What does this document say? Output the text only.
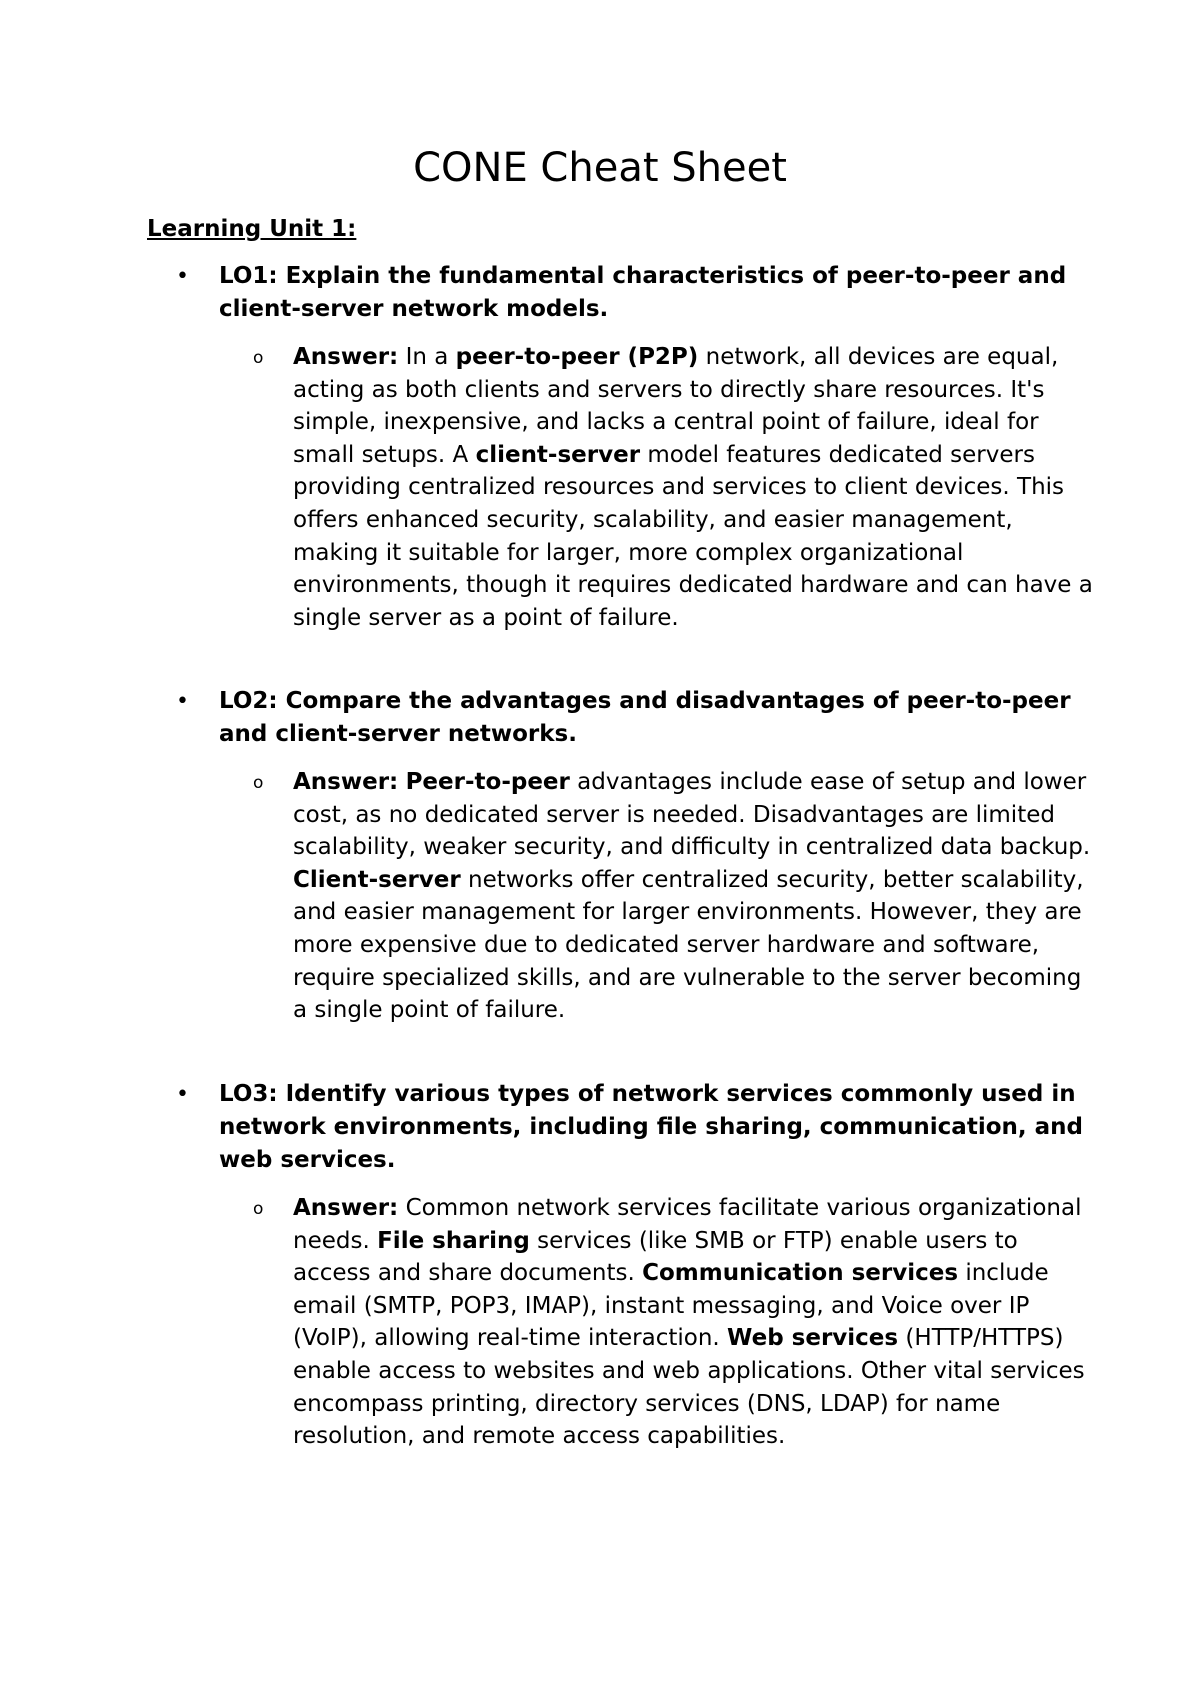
CONE Cheat Sheet
Learning Unit 1:
• LO1: Explain the fundamental characteristics of peer-to-peer and client-server network models.

o Answer: In a peer-to-peer (P2P) network, all devices are equal, acting as both clients and servers to directly share resources. It's simple, inexpensive, and lacks a central point of failure, ideal for small setups. A client-server model features dedicated servers providing centralized resources and services to client devices. This offers enhanced security, scalability, and easier management, making it suitable for larger, more complex organizational environments, though it requires dedicated hardware and can have a single server as a point of failure.

• LO2: Compare the advantages and disadvantages of peer-to-peer and client-server networks.

o Answer: Peer-to-peer advantages include ease of setup and lower cost, as no dedicated server is needed. Disadvantages are limited scalability, weaker security, and difficulty in centralized data backup. Client-server networks offer centralized security, better scalability, and easier management for larger environments. However, they are more expensive due to dedicated server hardware and software, require specialized skills, and are vulnerable to the server becoming a single point of failure.

• LO3: Identify various types of network services commonly used in network environments, including file sharing, communication, and web services.

o Answer: Common network services facilitate various organizational needs. File sharing services (like SMB or FTP) enable users to access and share documents. Communication services include email (SMTP, POP3, IMAP), instant messaging, and Voice over IP (VoIP), allowing real-time interaction. Web services (HTTP/HTTPS) enable access to websites and web applications. Other vital services encompass printing, directory services (DNS, LDAP) for name resolution, and remote access capabilities.
